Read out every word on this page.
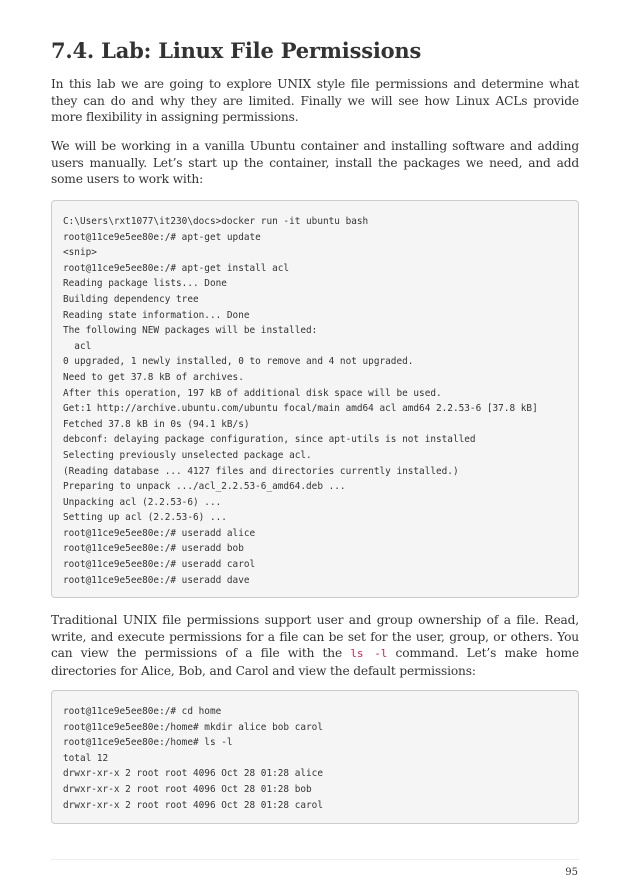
7.4. Lab: Linux File Permissions

In this lab we are going to explore UNIX style file permissions and determine what they can do and why they are limited. Finally we will see how Linux ACLs provide more flexibility in assigning permissions.

We will be working in a vanilla Ubuntu container and installing software and adding users manually. Let’s start up the container, install the packages we need, and add some users to work with:

C:\Users\rxt1077\it230\docs>docker run -it ubuntu bash
root@11ce9e5ee80e:/# apt-get update
<snip>
root@11ce9e5ee80e:/# apt-get install acl
Reading package lists... Done
Building dependency tree
Reading state information... Done
The following NEW packages will be installed:
acl
0 upgraded, 1 newly installed, 0 to remove and 4 not upgraded.
Need to get 37.8 kB of archives.
After this operation, 197 kB of additional disk space will be used.
Get:1 http://archive.ubuntu.com/ubuntu focal/main amd64 acl amd64 2.2.53-6 [37.8 kB]
Fetched 37.8 kB in 0s (94.1 kB/s)
debconf: delaying package configuration, since apt-utils is not installed
Selecting previously unselected package acl.
(Reading database ... 4127 files and directories currently installed.)
Preparing to unpack .../acl_2.2.53-6_amd64.deb ...
Unpacking acl (2.2.53-6) ...
Setting up acl (2.2.53-6) ...
root@11ce9e5ee80e:/# useradd alice
root@11ce9e5ee80e:/# useradd bob
root@11ce9e5ee80e:/# useradd carol
root@11ce9e5ee80e:/# useradd dave

Traditional UNIX file permissions support user and group ownership of a file. Read, write, and execute permissions for a file can be set for the user, group, or others. You can view the permissions of a file with the ls -l command. Let’s make home directories for Alice, Bob, and Carol and view the default permissions:

root@11ce9e5ee80e:/# cd home
root@11ce9e5ee80e:/home# mkdir alice bob carol
root@11ce9e5ee80e:/home# ls -l
total 12
drwxr-xr-x 2 root root 4096 Oct 28 01:28 alice
drwxr-xr-x 2 root root 4096 Oct 28 01:28 bob
drwxr-xr-x 2 root root 4096 Oct 28 01:28 carol
95
